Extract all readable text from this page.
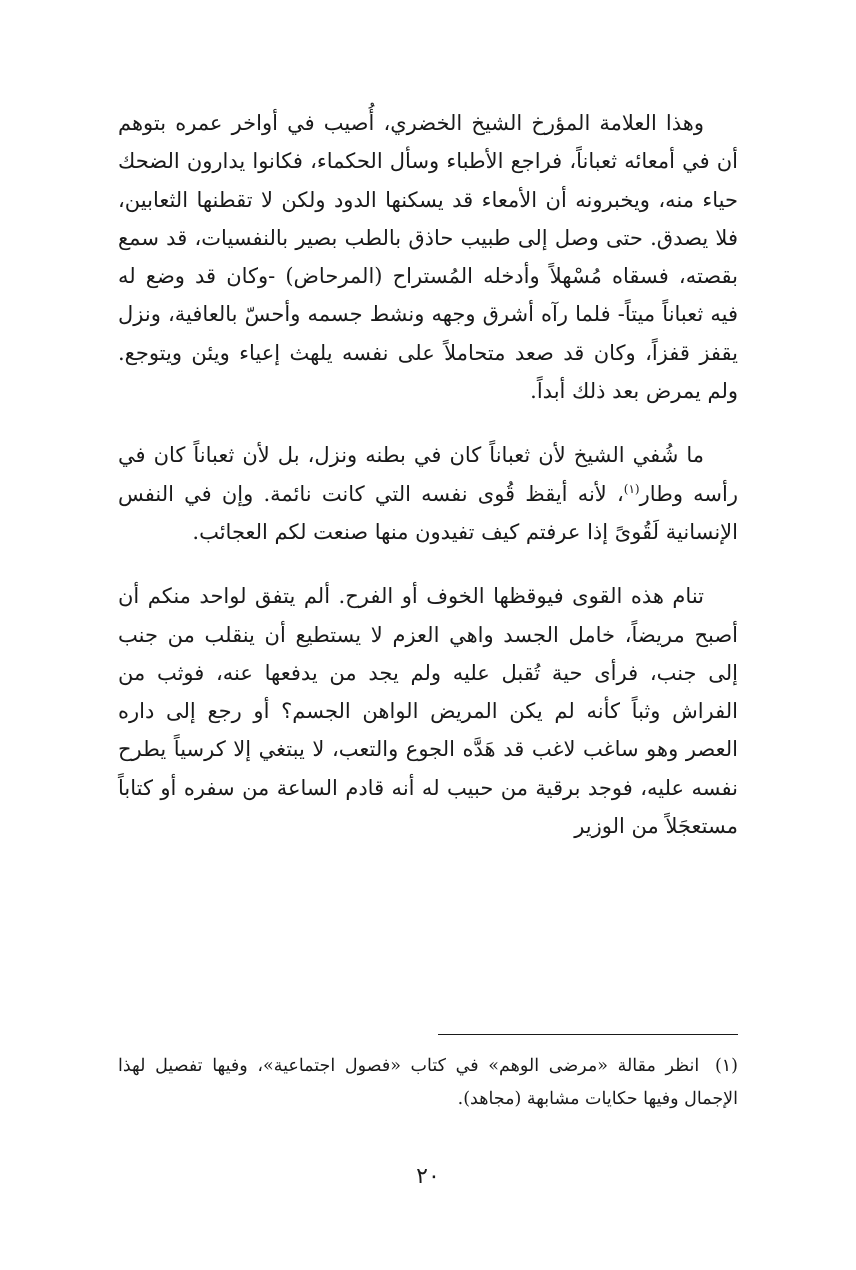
وهذا العلامة المؤرخ الشيخ الخضري، أُصيب في أواخر عمره بتوهم أن في أمعائه ثعباناً، فراجع الأطباء وسأل الحكماء، فكانوا يدارون الضحك حياء منه، ويخبرونه أن الأمعاء قد يسكنها الدود ولكن لا تقطنها الثعابين، فلا يصدق. حتى وصل إلى طبيب حاذق بالطب بصير بالنفسيات، قد سمع بقصته، فسقاه مُسْهلاً وأدخله المُستراح (المرحاض) -وكان قد وضع له فيه ثعباناً ميتاً- فلما رآه أشرق وجهه ونشط جسمه وأحسّ بالعافية، ونزل يقفز قفزاً، وكان قد صعد متحاملاً على نفسه يلهث إعياء ويئن ويتوجع. ولم يمرض بعد ذلك أبداً.

ما شُفي الشيخ لأن ثعباناً كان في بطنه ونزل، بل لأن ثعباناً كان في رأسه وطار$^{(١)}$، لأنه أيقظ قُوى نفسه التي كانت نائمة. وإن في النفس الإنسانية لَقُوىً إذا عرفتم كيف تفيدون منها صنعت لكم العجائب.

تنام هذه القوى فيوقظها الخوف أو الفرح. ألم يتفق لواحد منكم أن أصبح مريضاً، خامل الجسد واهي العزم لا يستطيع أن ينقلب من جنب إلى جنب، فرأى حية تُقبل عليه ولم يجد من يدفعها عنه، فوثب من الفراش وثباً كأنه لم يكن المريض الواهن الجسم؟ أو رجع إلى داره العصر وهو ساغب لاغب قد هَدَّه الجوع والتعب، لا يبتغي إلا كرسياً يطرح نفسه عليه، فوجد برقية من حبيب له أنه قادم الساعة من سفره أو كتاباً مستعجَلاً من الوزير

(١) انظر مقالة «مرضى الوهم» في كتاب «فصول اجتماعية»، وفيها تفصيل لهذا الإجمال وفيها حكايات مشابهة (مجاهد).
٢٠
